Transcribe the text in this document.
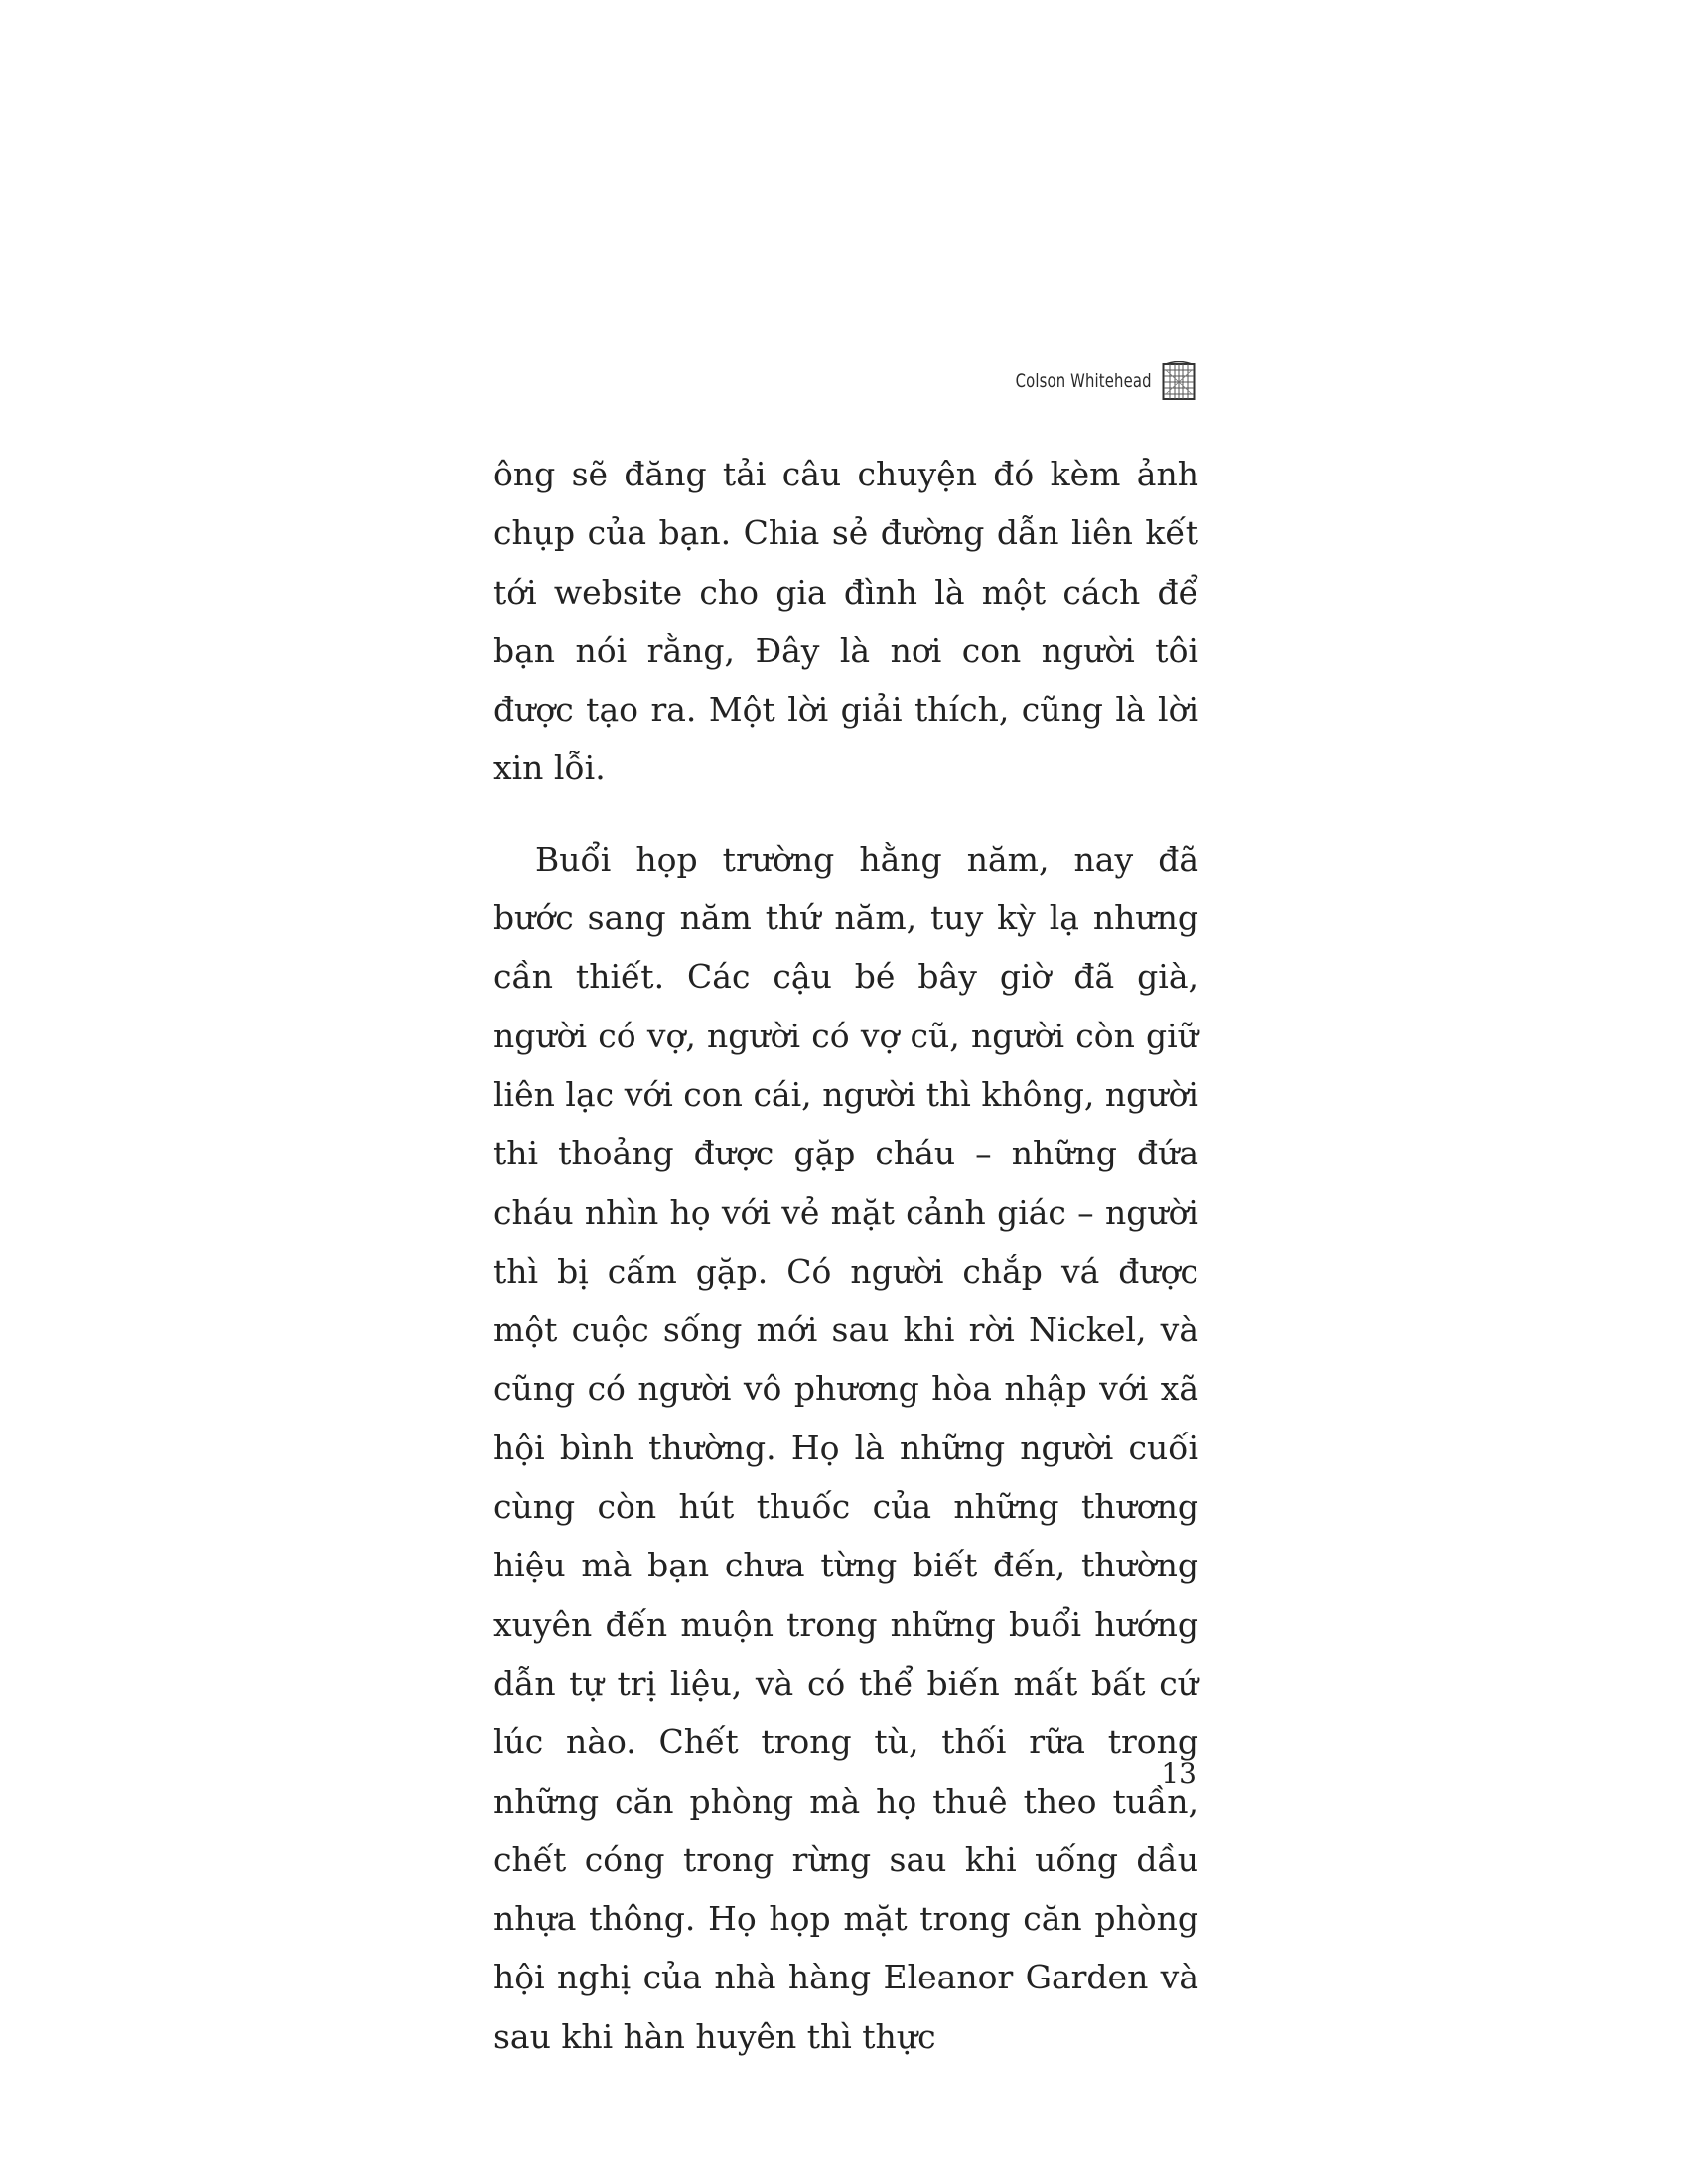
Colson Whitehead

ông sẽ đăng tải câu chuyện đó kèm ảnh chụp của bạn. Chia sẻ đường dẫn liên kết tới website cho gia đình là một cách để bạn nói rằng, Đây là nơi con người tôi được tạo ra. Một lời giải thích, cũng là lời xin lỗi.

Buổi họp trường hằng năm, nay đã bước sang năm thứ năm, tuy kỳ lạ nhưng cần thiết. Các cậu bé bây giờ đã già, người có vợ, người có vợ cũ, người còn giữ liên lạc với con cái, người thì không, người thi thoảng được gặp cháu – những đứa cháu nhìn họ với vẻ mặt cảnh giác – người thì bị cấm gặp. Có người chắp vá được một cuộc sống mới sau khi rời Nickel, và cũng có người vô phương hòa nhập với xã hội bình thường. Họ là những người cuối cùng còn hút thuốc của những thương hiệu mà bạn chưa từng biết đến, thường xuyên đến muộn trong những buổi hướng dẫn tự trị liệu, và có thể biến mất bất cứ lúc nào. Chết trong tù, thối rữa trong những căn phòng mà họ thuê theo tuần, chết cóng trong rừng sau khi uống dầu nhựa thông. Họ họp mặt trong căn phòng hội nghị của nhà hàng Eleanor Garden và sau khi hàn huyên thì thực

13
